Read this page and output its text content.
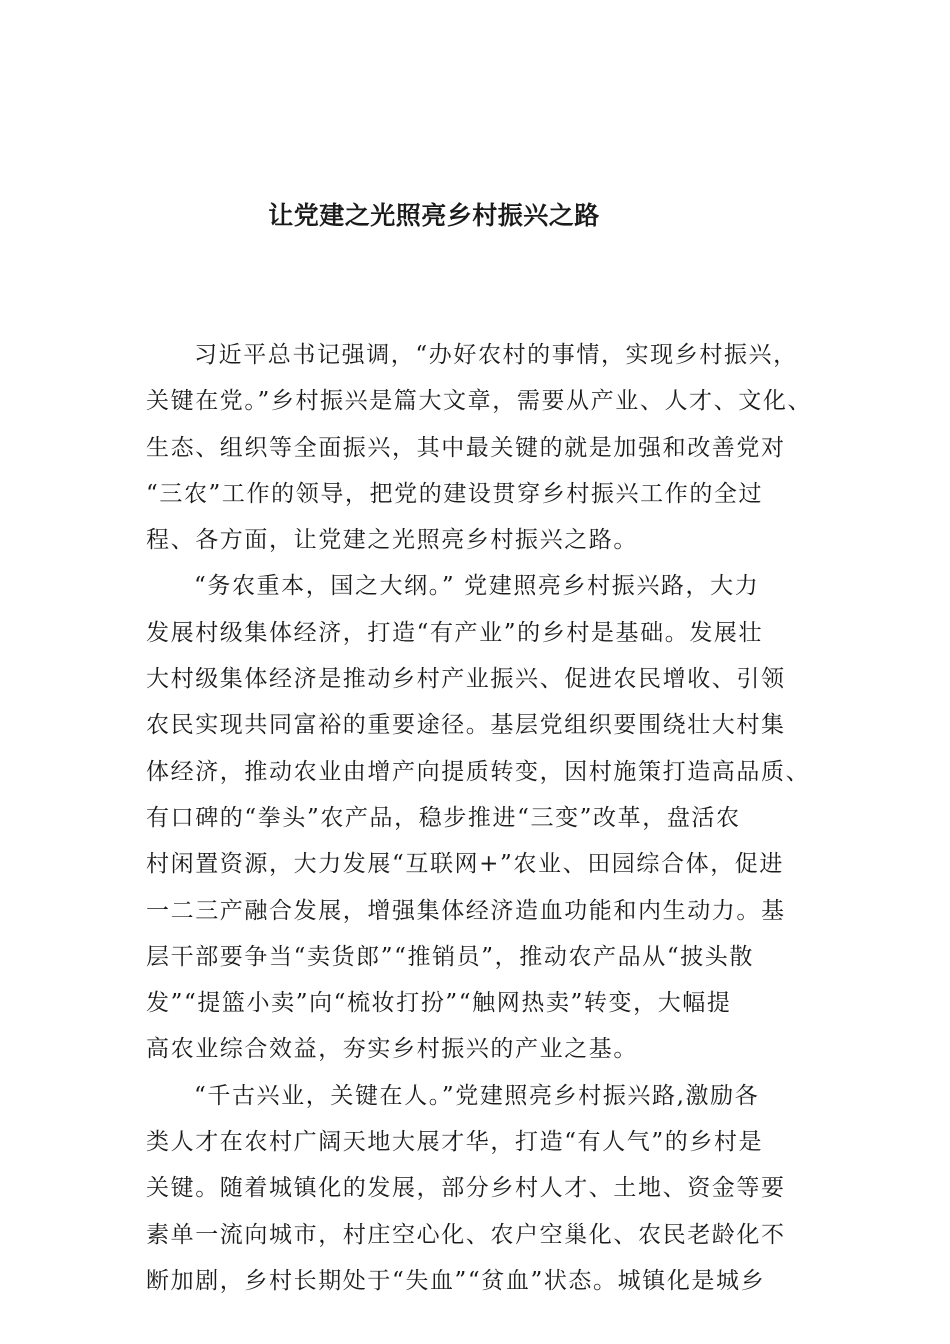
让党建之光照亮乡村振兴之路
习近平总书记强调，“办好农村的事情，实现乡村振兴，
关键在党。”乡村振兴是篇大文章，需要从产业、人才、文化、
生态、组织等全面振兴，其中最关键的就是加强和改善党对
“三农”工作的领导，把党的建设贯穿乡村振兴工作的全过
程、各方面，让党建之光照亮乡村振兴之路。
“务农重本，国之大纲。” 党建照亮乡村振兴路，大力
发展村级集体经济，打造“有产业”的乡村是基础。发展壮
大村级集体经济是推动乡村产业振兴、促进农民增收、引领
农民实现共同富裕的重要途径。基层党组织要围绕壮大村集
体经济，推动农业由增产向提质转变，因村施策打造高品质、
有口碑的“拳头”农产品，稳步推进“三变”改革，盘活农
村闲置资源，大力发展“互联网+”农业、田园综合体，促进
一二三产融合发展，增强集体经济造血功能和内生动力。基
层干部要争当“卖货郎”“推销员”，推动农产品从“披头散
发”“提篮小卖”向“梳妆打扮”“触网热卖”转变，大幅提
高农业综合效益，夯实乡村振兴的产业之基。
“千古兴业，关键在人。”党建照亮乡村振兴路,激励各
类人才在农村广阔天地大展才华，打造“有人气”的乡村是
关键。随着城镇化的发展，部分乡村人才、土地、资金等要
素单一流向城市，村庄空心化、农户空巢化、农民老龄化不
断加剧，乡村长期处于“失血”“贫血”状态。城镇化是城乡
